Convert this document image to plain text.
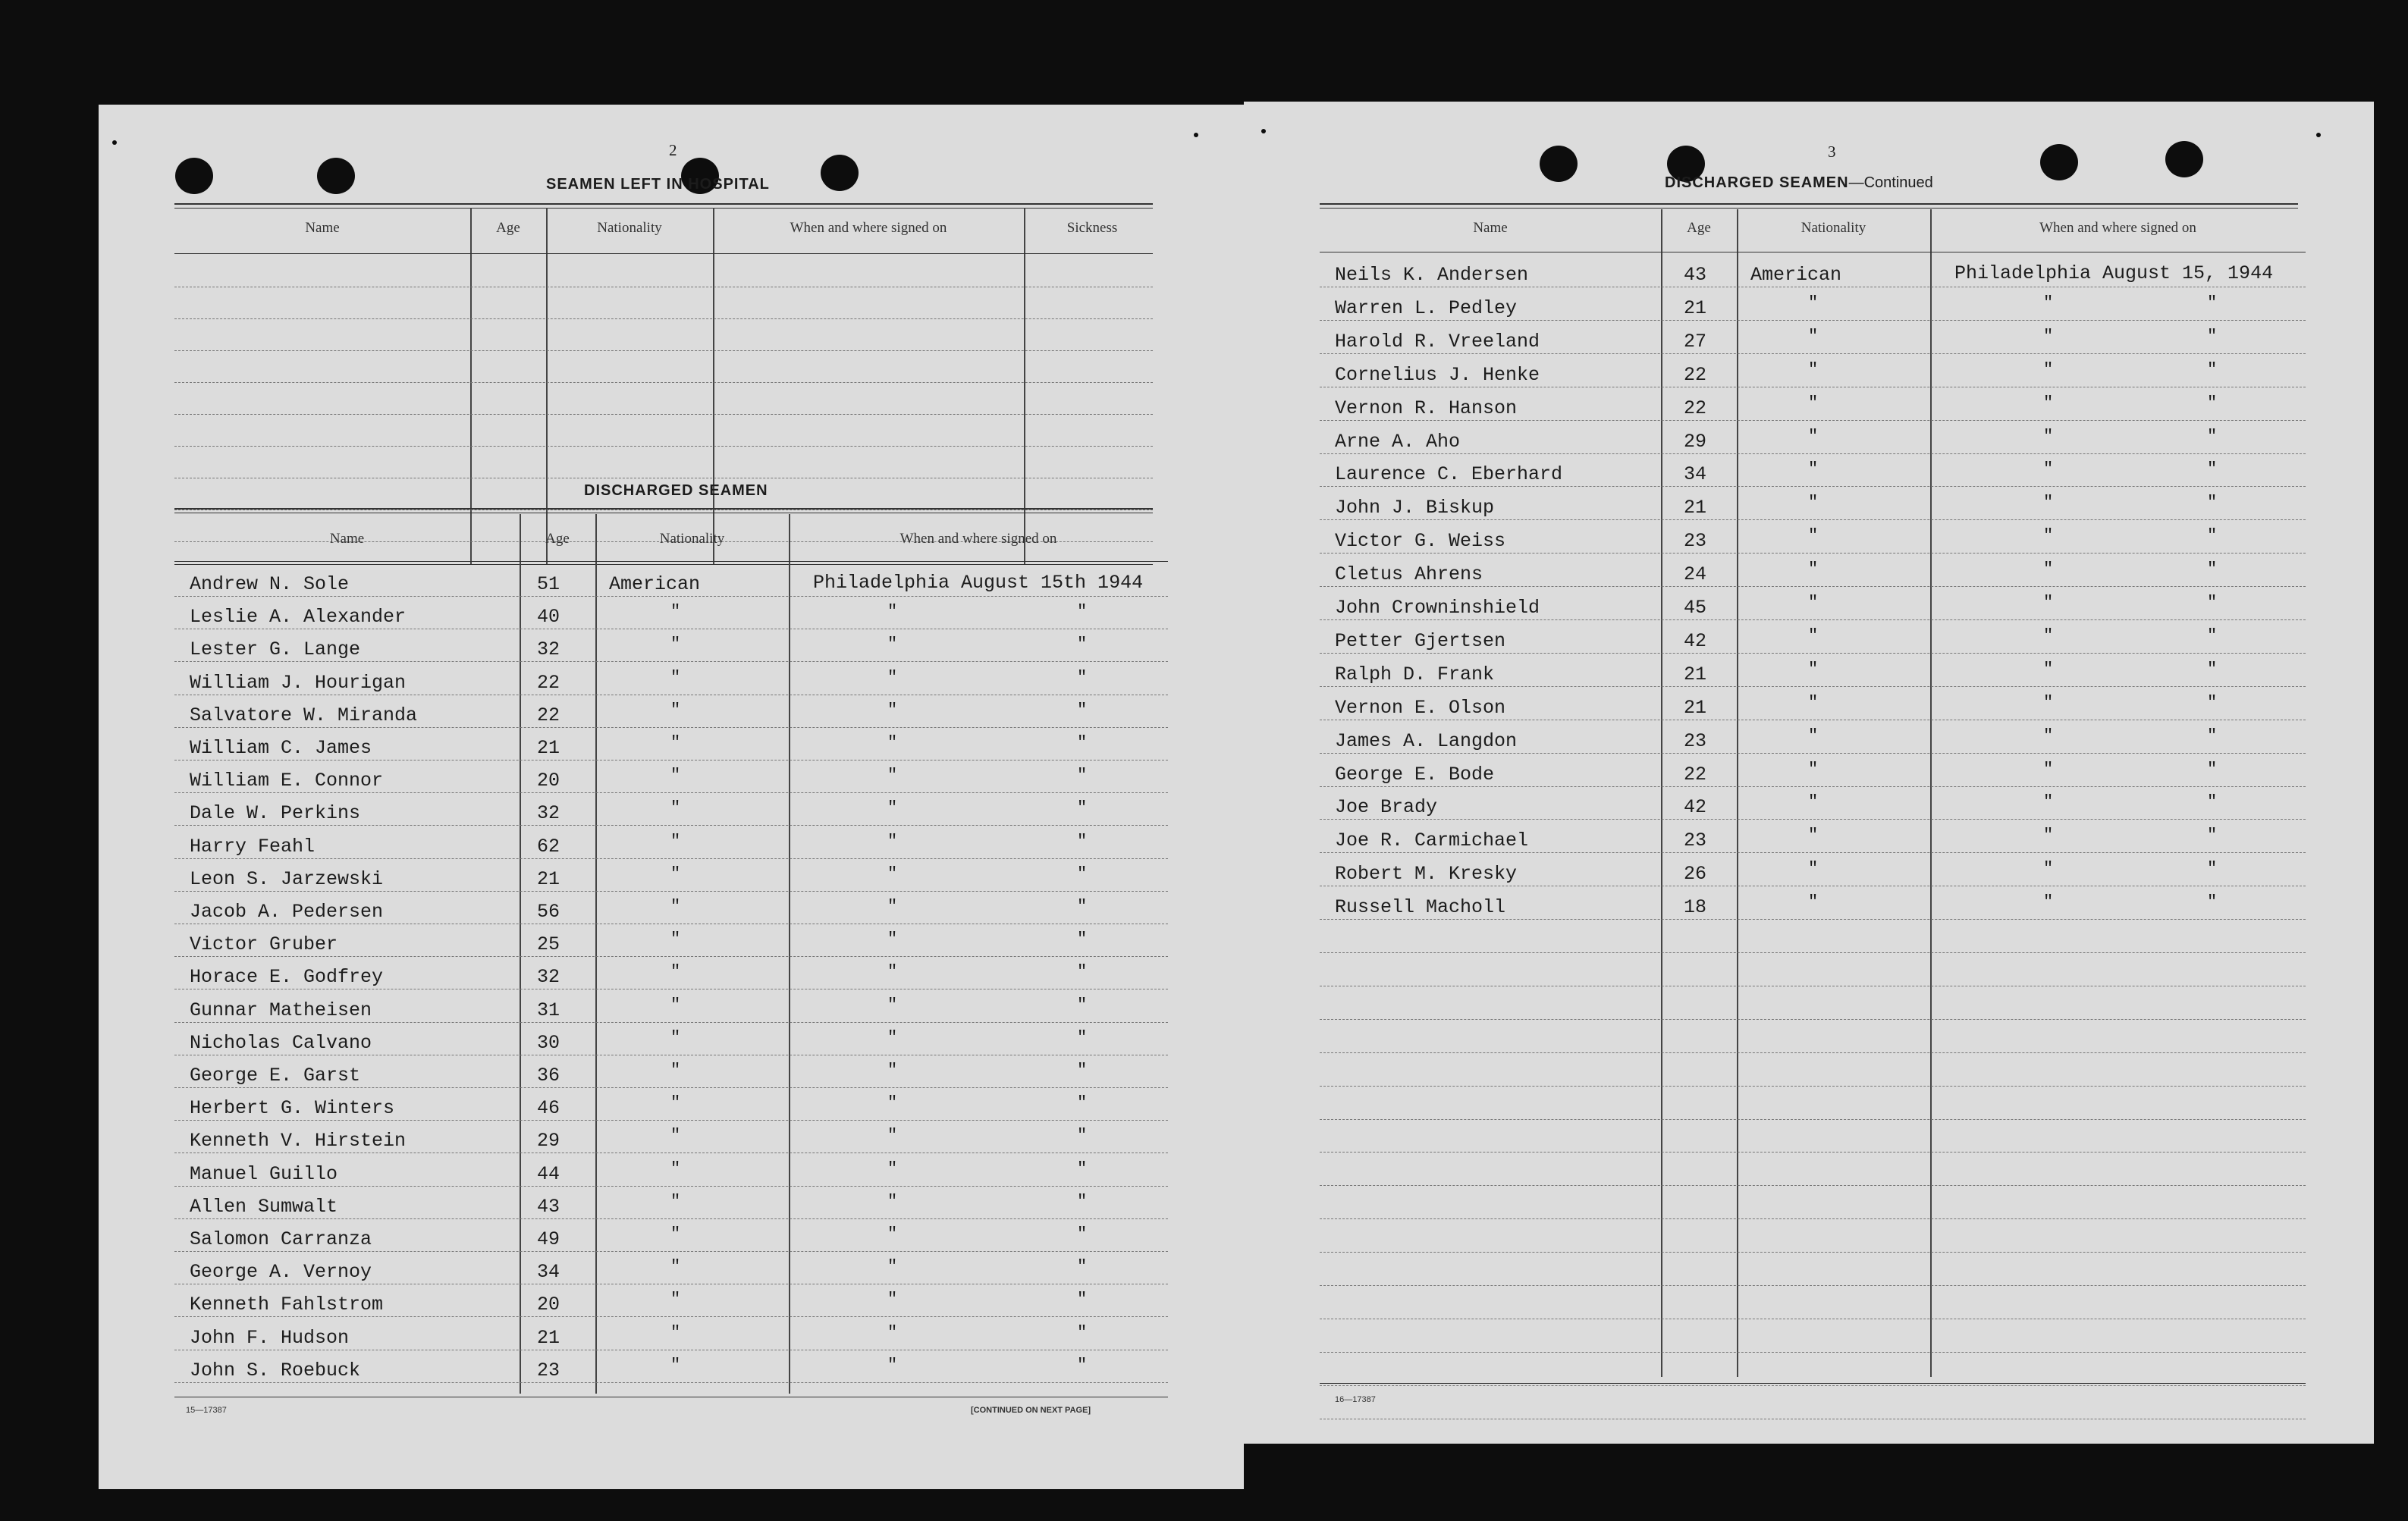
2
SEAMEN LEFT IN HOSPITAL
Name	Age	Nationality	When and where signed on	Sickness
DISCHARGED SEAMEN
Name	Age	Nationality	When and where signed on
Andrew N. Sole	51	American	Philadelphia August 15th 1944
Leslie A. Alexander	40	"	"	"
Lester G. Lange	32	"	"	"
William J. Hourigan	22	"	"	"
Salvatore W. Miranda	22	"	"	"
William C. James	21	"	"	"
William E. Connor	20	"	"	"
Dale W. Perkins	32	"	"	"
Harry Feahl	62	"	"	"
Leon S. Jarzewski	21	"	"	"
Jacob A. Pedersen	56	"	"	"
Victor Gruber	25	"	"	"
Horace E. Godfrey	32	"	"	"
Gunnar Matheisen	31	"	"	"
Nicholas Calvano	30	"	"	"
George E. Garst	36	"	"	"
Herbert G. Winters	46	"	"	"
Kenneth V. Hirstein	29	"	"	"
Manuel Guillo	44	"	"	"
Allen Sumwalt	43	"	"	"
Salomon Carranza	49	"	"	"
George A. Vernoy	34	"	"	"
Kenneth Fahlstrom	20	"	"	"
John F. Hudson	21	"	"	"
John S. Roebuck	23	"	"	"
15—17387	[CONTINUED ON NEXT PAGE]
3
DISCHARGED SEAMEN—Continued
Name	Age	Nationality	When and where signed on
Neils K. Andersen	43 American	Philadelphia August 15, 1944
Warren L. Pedley	21	"	"	"
Harold R. Vreeland	27	"	"	"
Cornelius J. Henke	22	"	"	"
Vernon R. Hanson	22	"	"	"
Arne A. Aho	29	"	"	"
Laurence C. Eberhard	34	"	"	"
John J. Biskup	21	"	"	"
Victor G. Weiss	23	"	"	"
Cletus Ahrens	24	"	"	"
John Crowninshield	45	"	"	"
Petter Gjertsen	42	"	"	"
Ralph D. Frank	21	"	"	"
Vernon E. Olson	21	"	"	"
James A. Langdon	23	"	"	"
George E. Bode	22	"	"	"
Joe Brady	42	"	"	"
Joe R. Carmichael	23	"	"	"
Robert M. Kresky	26	"	"	"
Russell Macholl	18	"	"	"
16—17387
